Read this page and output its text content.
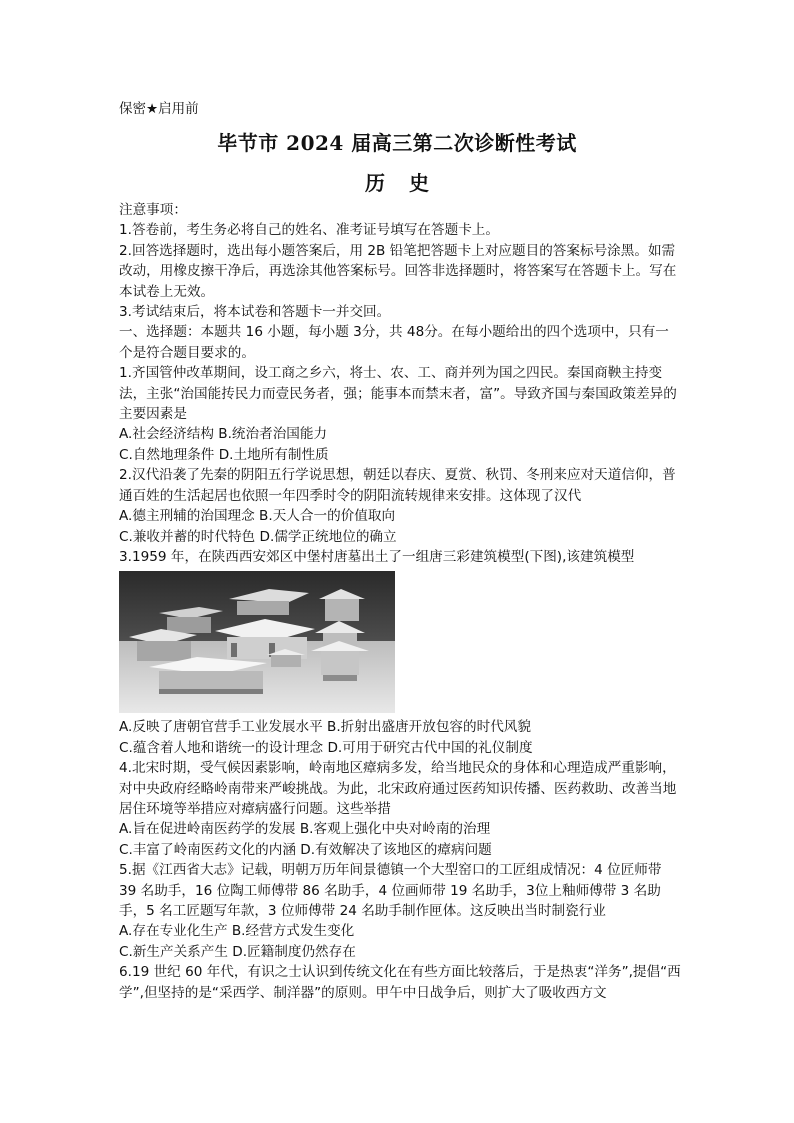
保密★启用前
毕节市 2024 届高三第二次诊断性考试
历史

注意事项：

1.答卷前，考生务必将自己的姓名、准考证号填写在答题卡上。

2.回答选择题时，选出每小题答案后，用 2B 铅笔把答题卡上对应题目的答案标号涂黑。如需改动，用橡皮擦干净后，再选涂其他答案标号。回答非选择题时，将答案写在答题卡上。写在本试卷上无效。

3.考试结束后，将本试卷和答题卡一并交回。

一、选择题：本题共 16 小题，每小题 3分，共 48分。在每小题给出的四个选项中，只有一个是符合题目要求的。

1.齐国管仲改革期间，设工商之乡六，将士、农、工、商并列为国之四民。秦国商鞅主持变法，主张“治国能抟民力而壹民务者，强；能事本而禁末者，富”。导致齐国与秦国政策差异的主要因素是

A.社会经济结构 B.统治者治国能力

C.自然地理条件 D.土地所有制性质

2.汉代沿袭了先秦的阴阳五行学说思想，朝廷以春庆、夏赏、秋罚、冬刑来应对天道信仰，普通百姓的生活起居也依照一年四季时令的阴阳流转规律来安排。这体现了汉代

A.德主刑辅的治国理念 B.天人合一的价值取向

C.兼收并蓄的时代特色 D.儒学正统地位的确立

3.1959 年，在陕西西安郊区中堡村唐墓出土了一组唐三彩建筑模型(下图),该建筑模型

A.反映了唐朝官营手工业发展水平 B.折射出盛唐开放包容的时代风貌

C.蕴含着人地和谐统一的设计理念 D.可用于研究古代中国的礼仪制度

4.北宋时期，受气候因素影响，岭南地区瘴病多发，给当地民众的身体和心理造成严重影响，对中央政府经略岭南带来严峻挑战。为此，北宋政府通过医药知识传播、医药救助、改善当地居住环境等举措应对瘴病盛行问题。这些举措

A.旨在促进岭南医药学的发展 B.客观上强化中央对岭南的治理

C.丰富了岭南医药文化的内涵 D.有效解决了该地区的瘴病问题

5.据《江西省大志》记载，明朝万历年间景德镇一个大型窑口的工匠组成情况：4 位匠师带 39 名助手，16 位陶工师傅带 86 名助手，4 位画师带 19 名助手，3位上釉师傅带 3 名助手，5 名工匠题写年款，3 位师傅带 24 名助手制作匣体。这反映出当时制瓷行业

A.存在专业化生产 B.经营方式发生变化

C.新生产关系产生 D.匠籍制度仍然存在

6.19 世纪 60 年代，有识之士认识到传统文化在有些方面比较落后，于是热衷“洋务”,提倡“西学”,但坚持的是“采西学、制洋器”的原则。甲午中日战争后，则扩大了吸收西方文
